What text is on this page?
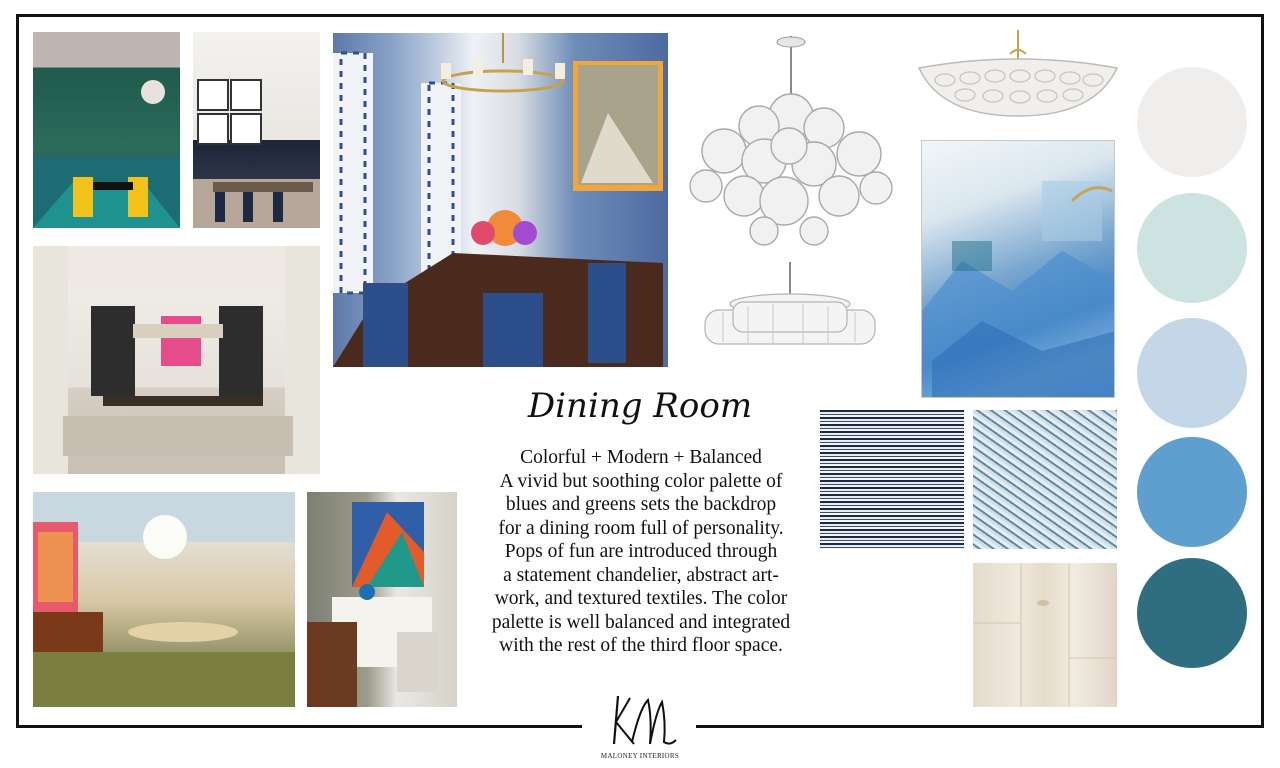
Dining Room
Colorful + Modern + Balanced
A vivid but soothing color palette of
blues and greens sets the backdrop
for a dining room full of personality.
Pops of fun are introduced through
a statement chandelier, abstract art-
work, and textured textiles. The color
palette is well balanced and integrated
with the rest of the third floor space.
MALONEY INTERIORS
